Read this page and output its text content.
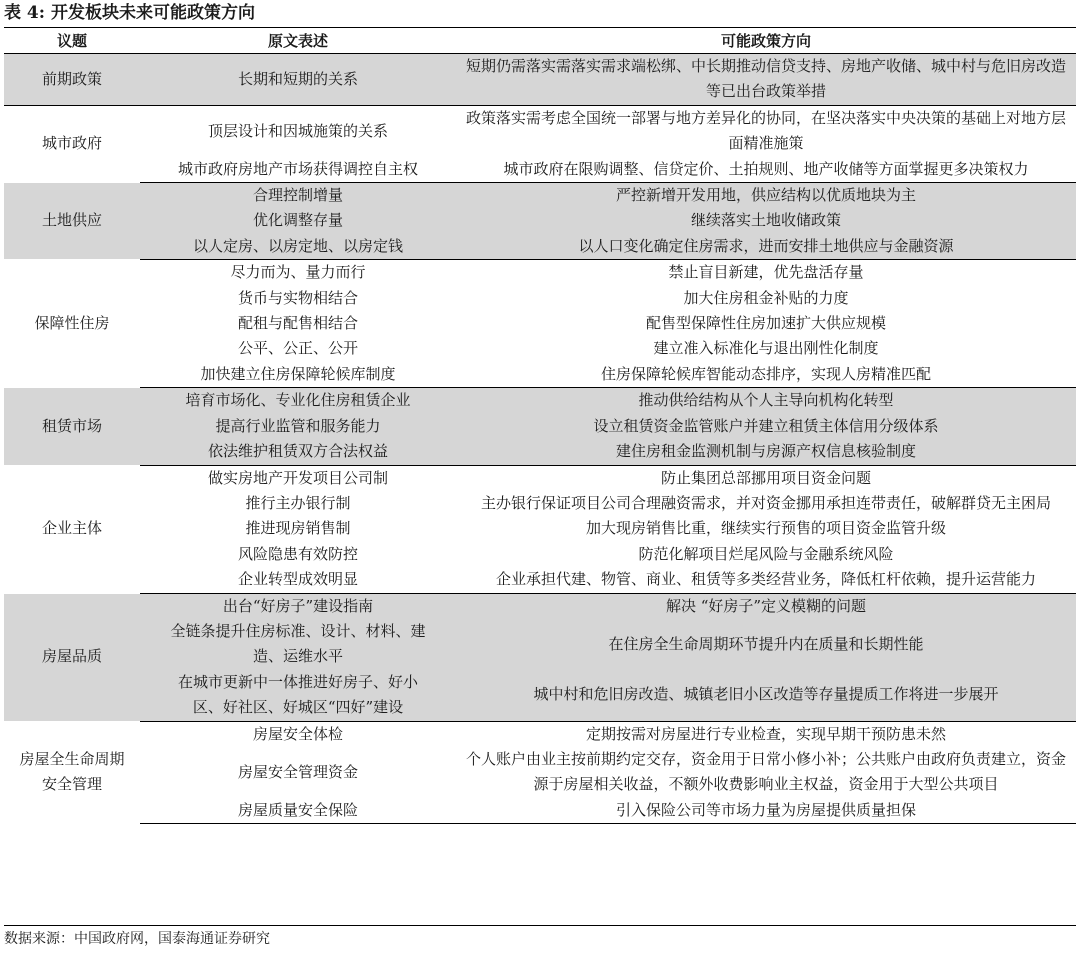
表 4: 开发板块未来可能政策方向
议题	原文表述	可能政策方向
前期政策	长期和短期的关系	短期仍需落实需落实需求端松绑、中长期推动信贷支持、房地产收储、城中村与危旧房改造等已出台政策举措
城市政府	顶层设计和因城施策的关系	政策落实需考虑全国统一部署与地方差异化的协同，在坚决落实中央决策的基础上对地方层面精准施策
	城市政府房地产市场获得调控自主权	城市政府在限购调整、信贷定价、土拍规则、地产收储等方面掌握更多决策权力
土地供应	合理控制增量	严控新增开发用地，供应结构以优质地块为主
	优化调整存量	继续落实土地收储政策
	以人定房、以房定地、以房定钱	以人口变化确定住房需求，进而安排土地供应与金融资源
保障性住房	尽力而为、量力而行	禁止盲目新建，优先盘活存量
	货币与实物相结合	加大住房租金补贴的力度
	配租与配售相结合	配售型保障性住房加速扩大供应规模
	公平、公正、公开	建立准入标准化与退出刚性化制度
	加快建立住房保障轮候库制度	住房保障轮候库智能动态排序，实现人房精准匹配
租赁市场	培育市场化、专业化住房租赁企业	推动供给结构从个人主导向机构化转型
	提高行业监管和服务能力	设立租赁资金监管账户并建立租赁主体信用分级体系
	依法维护租赁双方合法权益	建住房租金监测机制与房源产权信息核验制度
企业主体	做实房地产开发项目公司制	防止集团总部挪用项目资金问题
	推行主办银行制	主办银行保证项目公司合理融资需求，并对资金挪用承担连带责任，破解群贷无主困局
	推进现房销售制	加大现房销售比重，继续实行预售的项目资金监管升级
	风险隐患有效防控	防范化解项目烂尾风险与金融系统风险
	企业转型成效明显	企业承担代建、物管、商业、租赁等多类经营业务，降低杠杆依赖，提升运营能力
房屋品质	出台“好房子”建设指南	解决 “好房子”定义模糊的问题
	全链条提升住房标准、设计、材料、建造、运维水平	在住房全生命周期环节提升内在质量和长期性能
	在城市更新中一体推进好房子、好小区、好社区、好城区“四好”建设	城中村和危旧房改造、城镇老旧小区改造等存量提质工作将进一步展开
房屋全生命周期安全管理	房屋安全体检	定期按需对房屋进行专业检查，实现早期干预防患未然
	房屋安全管理资金	个人账户由业主按前期约定交存，资金用于日常小修小补；公共账户由政府负责建立，资金源于房屋相关收益，不额外收费影响业主权益，资金用于大型公共项目
	房屋质量安全保险	引入保险公司等市场力量为房屋提供质量担保
数据来源：中国政府网，国泰海通证券研究
